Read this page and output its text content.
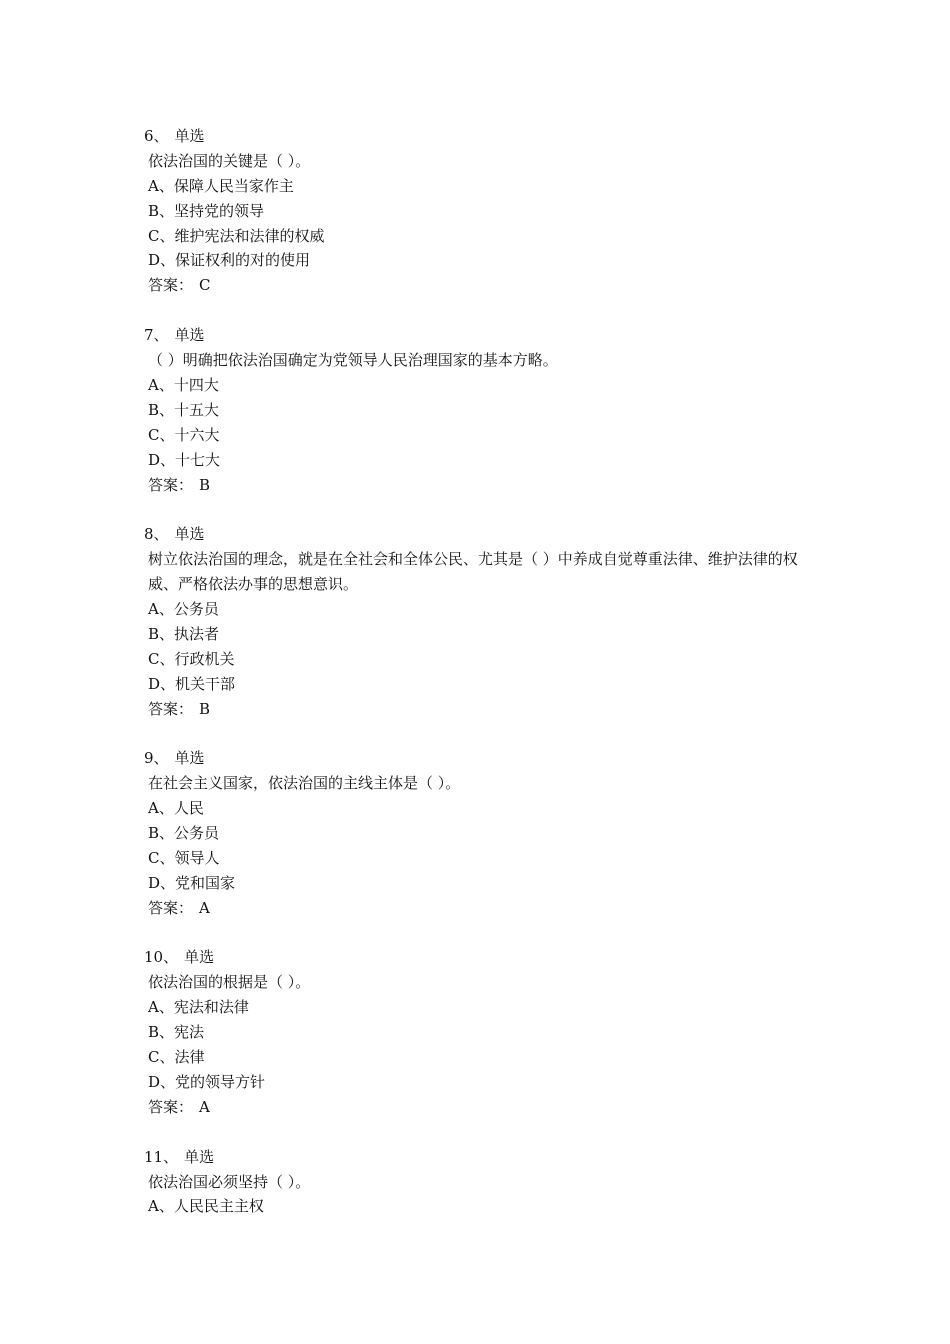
6、 单选
依法治国的关键是（ ）。
A、保障人民当家作主
B、坚持党的领导
C、维护宪法和法律的权威
D、保证权利的对的使用
答案： C
7、 单选
（ ）明确把依法治国确定为党领导人民治理国家的基本方略。
A、十四大
B、十五大
C、十六大
D、十七大
答案： B
8、 单选
树立依法治国的理念，就是在全社会和全体公民、尤其是（ ）中养成自觉尊重法律、维护法律的权威、严格依法办事的思想意识。
A、公务员
B、执法者
C、行政机关
D、机关干部
答案： B
9、 单选
在社会主义国家，依法治国的主线主体是（ ）。
A、人民
B、公务员
C、领导人
D、党和国家
答案： A
10、 单选
依法治国的根据是（ ）。
A、宪法和法律
B、宪法
C、法律
D、党的领导方针
答案： A
11、 单选
依法治国必须坚持（ ）。
A、人民民主主权
